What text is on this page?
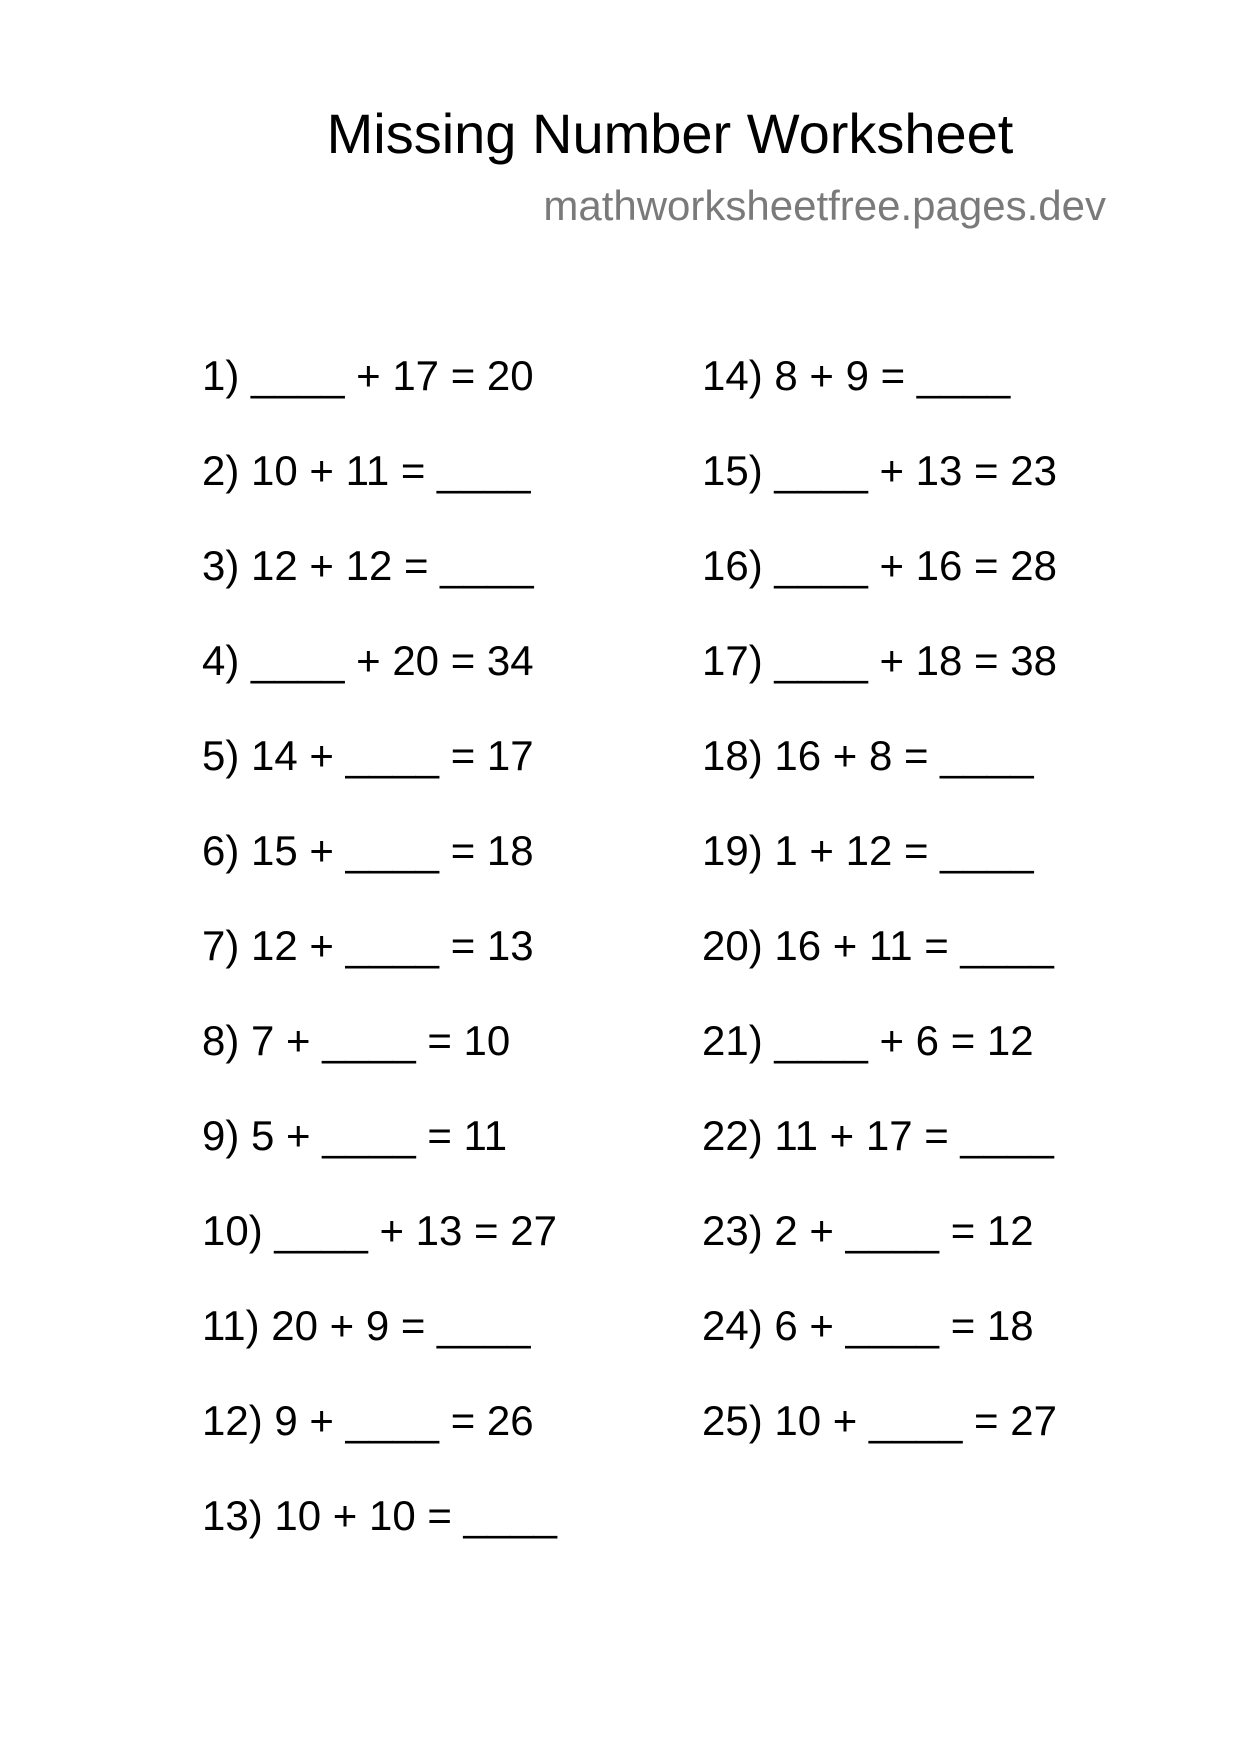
Missing Number Worksheet
mathworksheetfree.pages.dev
1) ____ + 17 = 20
2) 10 + 11 = ____
3) 12 + 12 = ____
4) ____ + 20 = 34
5) 14 + ____ = 17
6) 15 + ____ = 18
7) 12 + ____ = 13
8) 7 + ____ = 10
9) 5 + ____ = 11
10) ____ + 13 = 27
11) 20 + 9 = ____
12) 9 + ____ = 26
13) 10 + 10 = ____
14) 8 + 9 = ____
15) ____ + 13 = 23
16) ____ + 16 = 28
17) ____ + 18 = 38
18) 16 + 8 = ____
19) 1 + 12 = ____
20) 16 + 11 = ____
21) ____ + 6 = 12
22) 11 + 17 = ____
23) 2 + ____ = 12
24) 6 + ____ = 18
25) 10 + ____ = 27
